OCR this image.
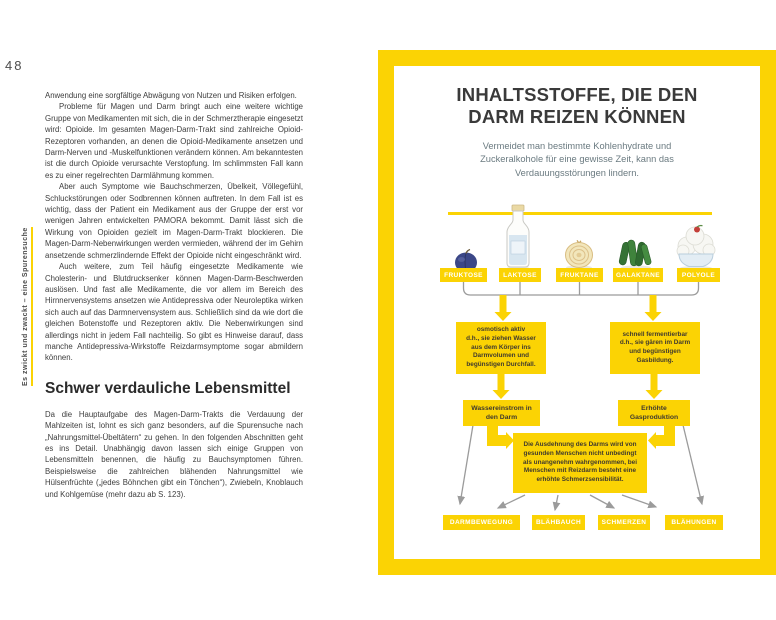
48
Es zwickt und zwackt – eine Spurensuche

Anwendung eine sorgfältige Abwägung von Nutzen und Risiken erfolgen.

Probleme für Magen und Darm bringt auch eine weitere wichtige Gruppe von Medikamenten mit sich, die in der Schmerztherapie eingesetzt wird: Opioide. Im gesamten Magen-Darm-Trakt sind zahlreiche Opioid-Rezeptoren vorhanden, an denen die Opioid-Medikamente ansetzen und Darm-Nerven und -Muskelfunktionen verändern können. Am bekanntesten ist die durch Opioide verursachte Verstopfung. Im schlimmsten Fall kann es zu einer regelrechten Darmlähmung kommen.

Aber auch Symptome wie Bauchschmerzen, Übelkeit, Völlegefühl, Schluckstörungen oder Sodbrennen können auftreten. In dem Fall ist es wichtig, dass der Patient ein Medikament aus der Gruppe der erst vor wenigen Jahren entwickelten PAMORA bekommt. Damit lässt sich die Wirkung von Opioiden gezielt im Magen-Darm-Trakt blockieren. Die Magen-Darm-Nebenwirkungen werden vermieden, während der im Gehirn ansetzende schmerzlindernde Effekt der Opioide nicht eingeschränkt wird.

Auch weitere, zum Teil häufig eingesetzte Medikamente wie Cholesterin- und Blutdrucksenker können Magen-Darm-Beschwerden auslösen. Und fast alle Medikamente, die vor allem im Bereich des Hirnnervensystems ansetzen wie Antidepressiva oder Neuroleptika wirken sich auch auf das Darmnervensystem aus. Schließlich sind da wie dort die gleichen Botenstoffe und Rezeptoren aktiv. Die Nebenwirkungen sind allerdings nicht in jedem Fall nachteilig. So gibt es Hinweise darauf, dass manche Antidepressiva-Wirkstoffe Reizdarmsymptome sogar abmildern können.

Schwer verdauliche Lebensmittel

Da die Hauptaufgabe des Magen-Darm-Trakts die Verdauung der Mahlzeiten ist, lohnt es sich ganz besonders, auf die Spurensuche nach „Nahrungsmittel-Übeltätern“ zu gehen. In den folgenden Abschnitten geht es ins Detail. Unabhängig davon lassen sich einige Gruppen von Lebensmitteln benennen, die häufig zu Bauchsymptomen führen. Beispielsweise die zahlreichen blähenden Nahrungsmittel wie Hülsenfrüchte („jedes Böhnchen gibt ein Tönchen“), Zwiebeln, Knoblauch und Kohlgemüse (mehr dazu ab S. 123).

INHALTSSTOFFE, DIE DEN
DARM REIZEN KÖNNEN
Vermeidet man bestimmte Kohlenhydrate und Zuckeralkohole für eine gewisse Zeit, kann das Verdauungsstörungen lindern.
FRUKTOSE	LAKTOSE	FRUKTANE	GALAKTANE	POLYOLE
osmotisch aktiv
d.h., sie ziehen Wasser aus dem Körper ins Darmvolumen und begünstigen Durchfall.
schnell fermentierbar
d.h., sie gären im Darm und begünstigen Gasbildung.
Wassereinstrom in den Darm
Erhöhte Gasproduktion
Die Ausdehnung des Darms wird von gesunden Menschen nicht unbedingt als unangenehm wahrgenommen, bei Menschen mit Reizdarm besteht eine erhöhte Schmerzsensibilität.
DARMBEWEGUNG	BLÄHBAUCH	SCHMERZEN	BLÄHUNGEN
